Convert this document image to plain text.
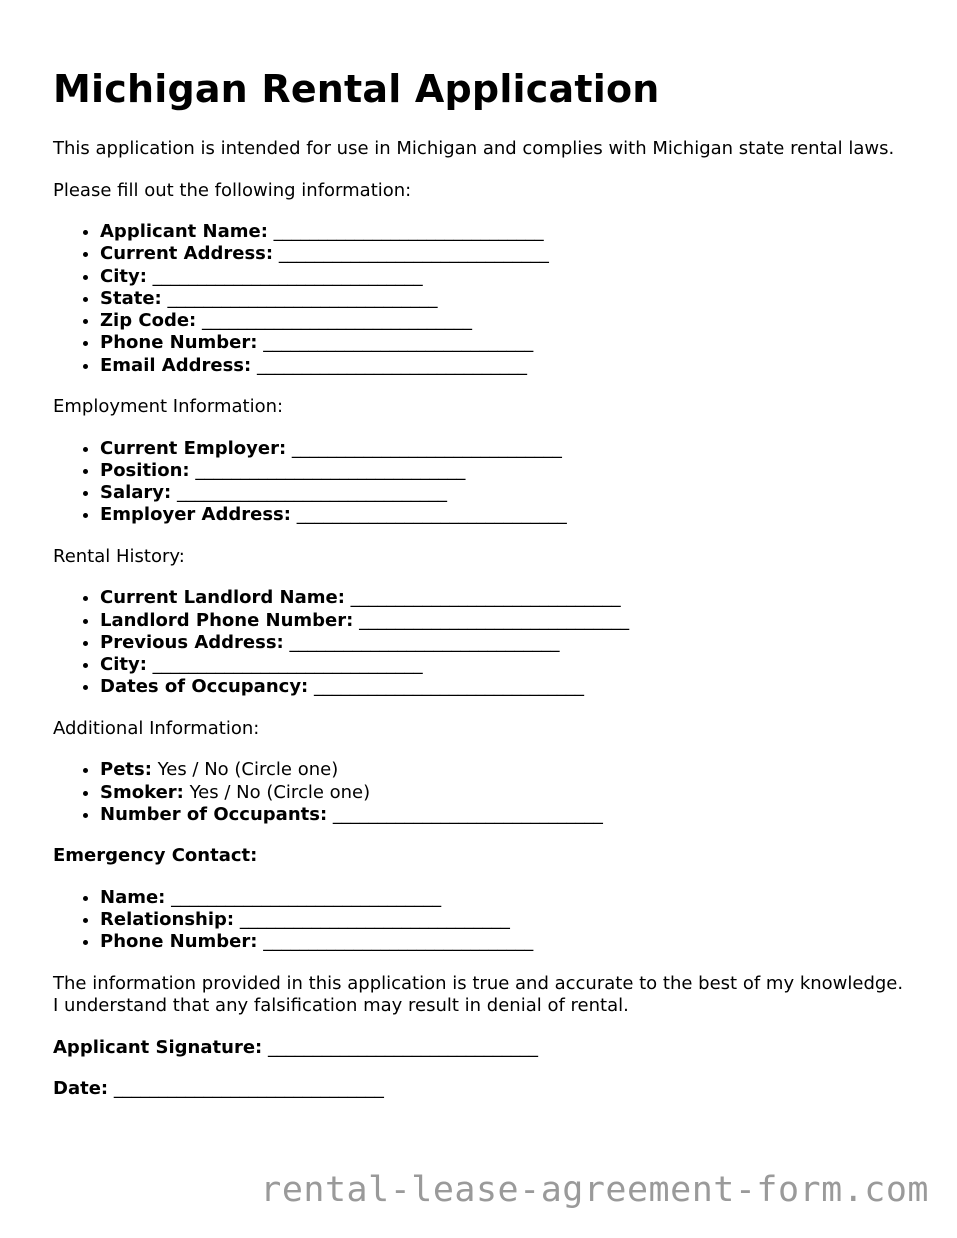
Michigan Rental Application

This application is intended for use in Michigan and complies with Michigan state rental laws.

Please fill out the following information:

• Applicant Name: ______________________________
• Current Address: ______________________________
• City: ______________________________
• State: ______________________________
• Zip Code: ______________________________
• Phone Number: ______________________________
• Email Address: ______________________________

Employment Information:

• Current Employer: ______________________________
• Position: ______________________________
• Salary: ______________________________
• Employer Address: ______________________________

Rental History:

• Current Landlord Name: ______________________________
• Landlord Phone Number: ______________________________
• Previous Address: ______________________________
• City: ______________________________
• Dates of Occupancy: ______________________________

Additional Information:

• Pets: Yes / No (Circle one)
• Smoker: Yes / No (Circle one)
• Number of Occupants: ______________________________

Emergency Contact:

• Name: ______________________________
• Relationship: ______________________________
• Phone Number: ______________________________

The information provided in this application is true and accurate to the best of my knowledge. I understand that any falsification may result in denial of rental.

Applicant Signature: ______________________________

Date: ______________________________

rental-lease-agreement-form.com
